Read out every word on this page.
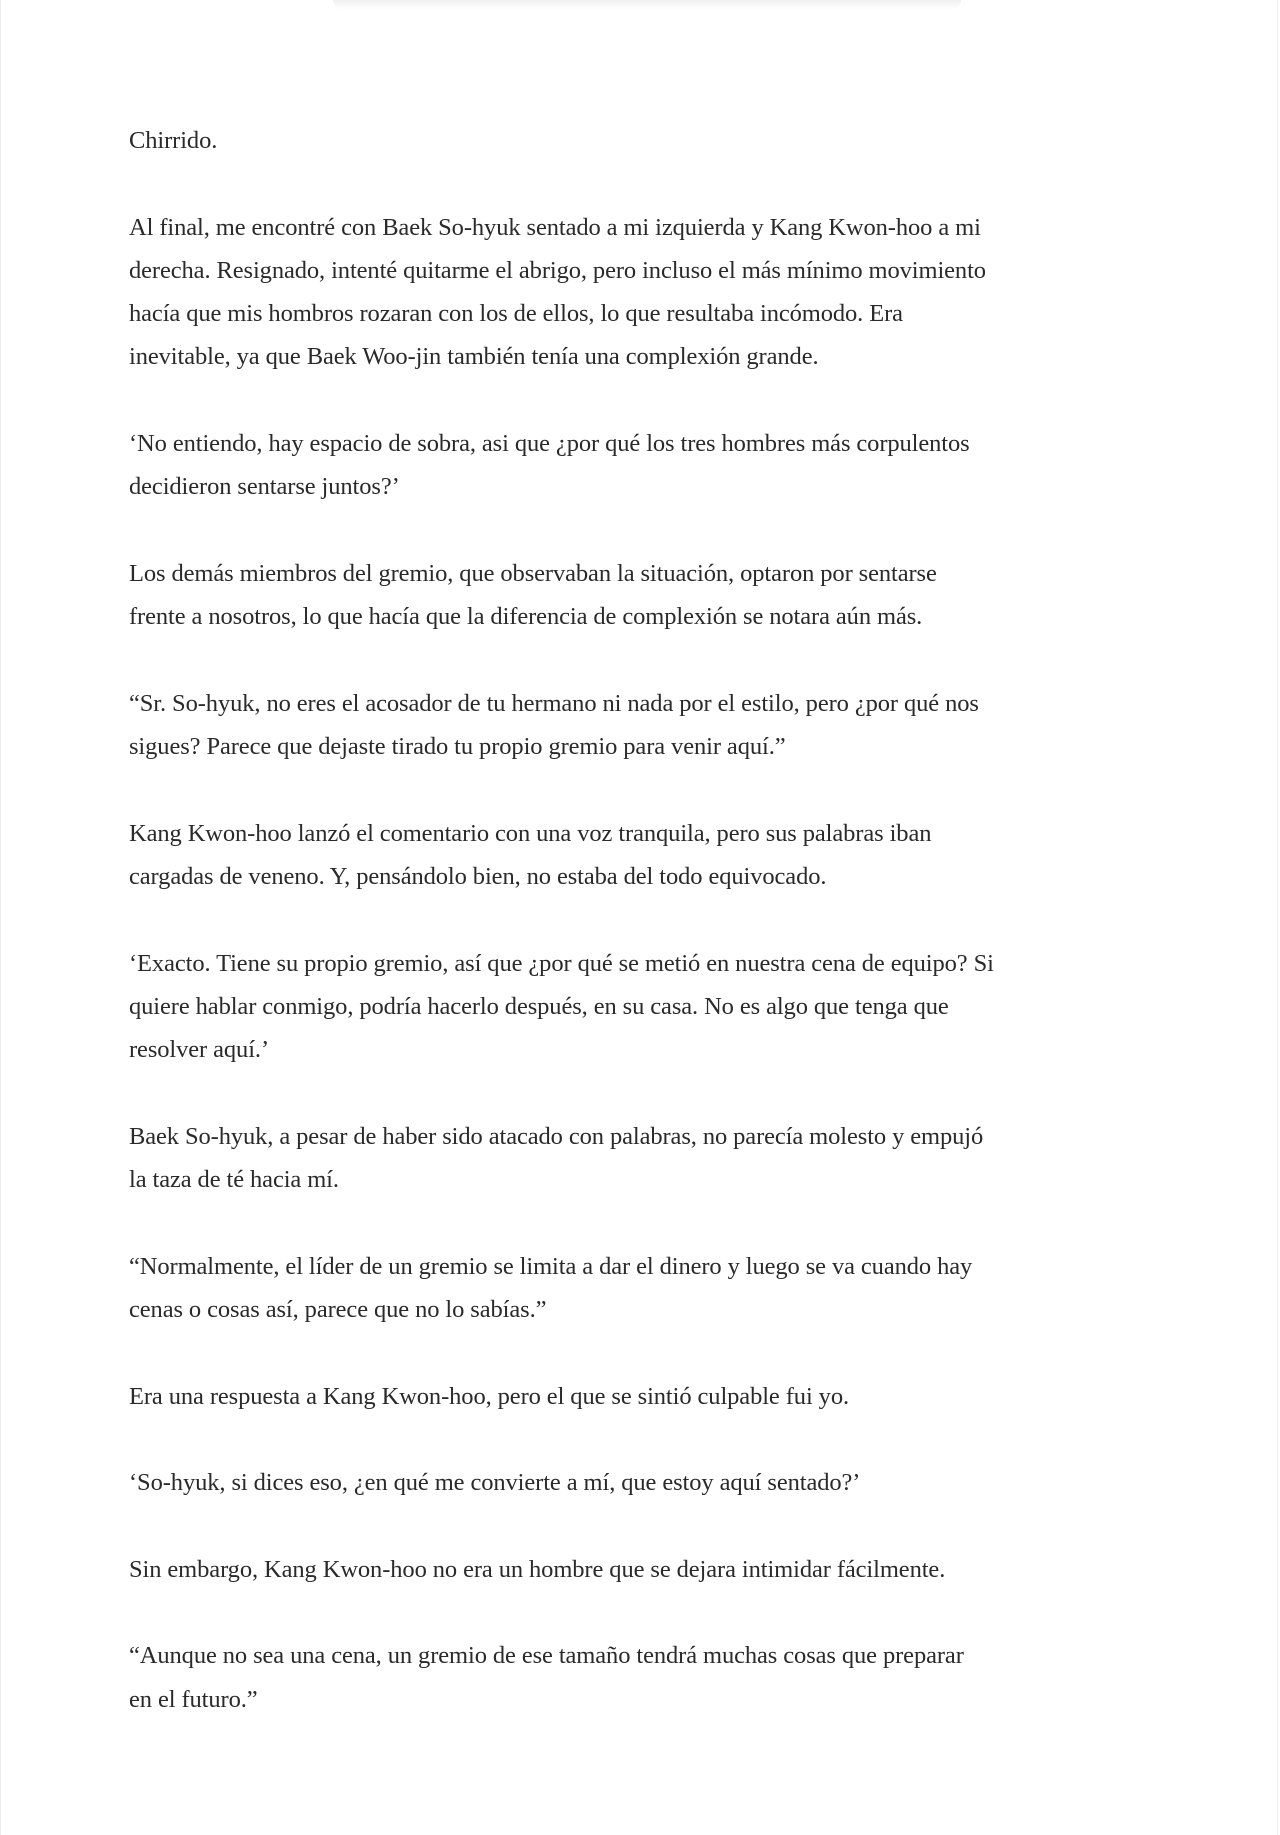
Chirrido.

Al final, me encontré con Baek So-hyuk sentado a mi izquierda y Kang Kwon-hoo a mi
derecha. Resignado, intenté quitarme el abrigo, pero incluso el más mínimo movimiento
hacía que mis hombros rozaran con los de ellos, lo que resultaba incómodo. Era
inevitable, ya que Baek Woo-jin también tenía una complexión grande.

‘No entiendo, hay espacio de sobra, asi que ¿por qué los tres hombres más corpulentos
decidieron sentarse juntos?’

Los demás miembros del gremio, que observaban la situación, optaron por sentarse
frente a nosotros, lo que hacía que la diferencia de complexión se notara aún más.

“Sr. So-hyuk, no eres el acosador de tu hermano ni nada por el estilo, pero ¿por qué nos
sigues? Parece que dejaste tirado tu propio gremio para venir aquí.”

Kang Kwon-hoo lanzó el comentario con una voz tranquila, pero sus palabras iban
cargadas de veneno. Y, pensándolo bien, no estaba del todo equivocado.

‘Exacto. Tiene su propio gremio, así que ¿por qué se metió en nuestra cena de equipo? Si
quiere hablar conmigo, podría hacerlo después, en su casa. No es algo que tenga que
resolver aquí.’

Baek So-hyuk, a pesar de haber sido atacado con palabras, no parecía molesto y empujó
la taza de té hacia mí.

“Normalmente, el líder de un gremio se limita a dar el dinero y luego se va cuando hay
cenas o cosas así, parece que no lo sabías.”

Era una respuesta a Kang Kwon-hoo, pero el que se sintió culpable fui yo.

‘So-hyuk, si dices eso, ¿en qué me convierte a mí, que estoy aquí sentado?’

Sin embargo, Kang Kwon-hoo no era un hombre que se dejara intimidar fácilmente.

“Aunque no sea una cena, un gremio de ese tamaño tendrá muchas cosas que preparar
en el futuro.”
